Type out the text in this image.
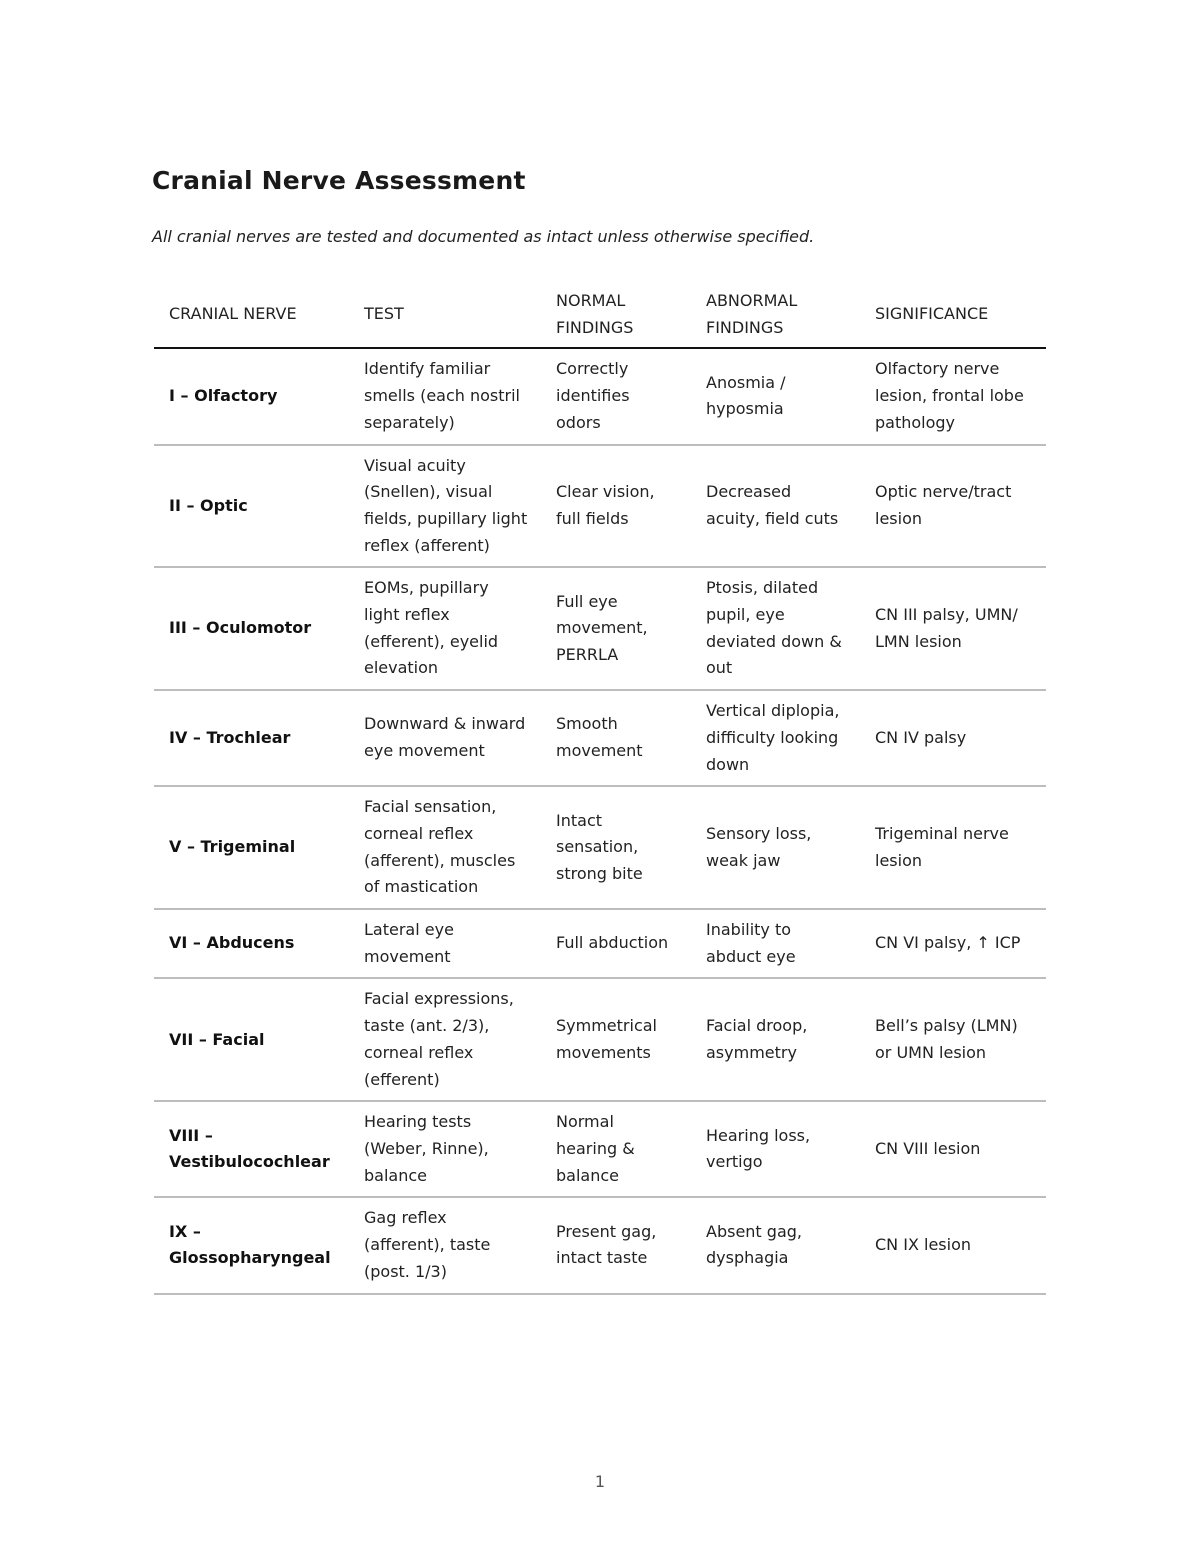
Cranial Nerve Assessment

All cranial nerves are tested and documented as intact unless otherwise specified.

CRANIAL NERVE	TEST	NORMAL FINDINGS	ABNORMAL FINDINGS	SIGNIFICANCE
I – Olfactory	Identify familiar smells (each nostril separately)	Correctly identifies odors	Anosmia / hyposmia	Olfactory nerve lesion, frontal lobe pathology
II – Optic	Visual acuity (Snellen), visual fields, pupillary light reflex (afferent)	Clear vision, full fields	Decreased acuity, field cuts	Optic nerve/tract lesion
III – Oculomotor	EOMs, pupillary light reflex (efferent), eyelid elevation	Full eye movement, PERRLA	Ptosis, dilated pupil, eye deviated down & out	CN III palsy, UMN/ LMN lesion
IV – Trochlear	Downward & inward eye movement	Smooth movement	Vertical diplopia, difficulty looking down	CN IV palsy
V – Trigeminal	Facial sensation, corneal reflex (afferent), muscles of mastication	Intact sensation, strong bite	Sensory loss, weak jaw	Trigeminal nerve lesion
VI – Abducens	Lateral eye movement	Full abduction	Inability to abduct eye	CN VI palsy, ↑ ICP
VII – Facial	Facial expressions, taste (ant. 2/3), corneal reflex (efferent)	Symmetrical movements	Facial droop, asymmetry	Bell’s palsy (LMN) or UMN lesion
VIII – Vestibulocochlear	Hearing tests (Weber, Rinne), balance	Normal hearing & balance	Hearing loss, vertigo	CN VIII lesion
IX – Glossopharyngeal	Gag reflex (afferent), taste (post. 1/3)	Present gag, intact taste	Absent gag, dysphagia	CN IX lesion
1
